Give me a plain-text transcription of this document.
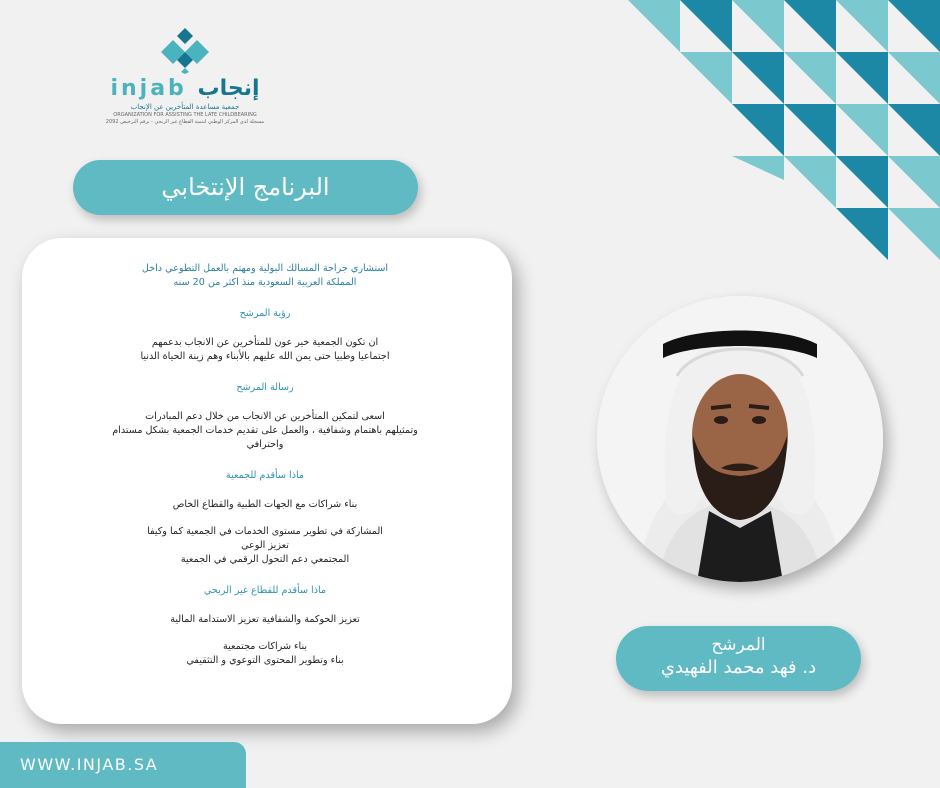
injab إنجاب
جمعية مساعدة المتأخرين عن الإنجاب
ORGANIZATION FOR ASSISTING THE LATE CHILDBEARING
مسجلة لدى المركز الوطني لتنمية القطاع غير الربحي - برقم الترخيص 2092
البرنامج الإنتخابي
استشاري جراحة المسالك البولية ومهتم بالعمل التطوعي داخل
المملكة العربية السعودية منذ اكثر من 20 سنه
رؤية المرشح
ان تكون الجمعية خير عون للمتأخرين عن الانجاب بدعمهم
اجتماعيا وطبيا حتى يمن الله عليهم بالأبناء وهم زينة الحياة الدنيا
رسالة المرشح
اسعى لتمكين المتأخرين عن الانجاب من خلال دعم المبادرات
وتمثيلهم باهتمام وشفافية ، والعمل على تقديم خدمات الجمعية بشكل مستدام
واحترافي
ماذا سأقدم للجمعية
بناء شراكات مع الجهات الطبية والقطاع الخاص
المشاركة في تطوير مستوى الخدمات في الجمعية كما وكيفا
تعزيز الوعي
المجتمعي دعم التحول الرقمي في الجمعية
ماذا سأقدم للقطاع غير الربحي
تعزيز الحوكمة والشفافية تعزيز الاستدامة المالية
بناء شراكات مجتمعية
بناء وتطوير المحتوى التوعوي و التثقيفي
المرشح
د. فهد محمد الفهيدي
WWW.INJAB.SA
